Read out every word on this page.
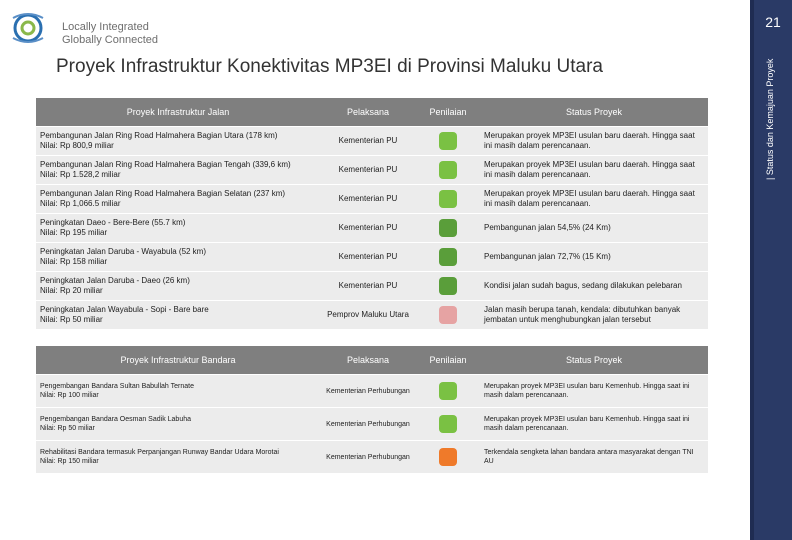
21
| Status dan Kemajuan Proyek
Locally Integrated
Globally Connected
Proyek Infrastruktur Konektivitas MP3EI di Provinsi Maluku Utara
Proyek Infrastruktur Jalan	Pelaksana	Penilaian	Status Proyek

Pembangunan Jalan Ring Road Halmahera Bagian Utara (178 km)
Nilai: Rp 800,9 miliar	Kementerian PU		Merupakan proyek MP3EI usulan baru daerah. Hingga saat ini masih dalam perencanaan.

Pembangunan Jalan Ring Road Halmahera Bagian Tengah (339,6 km)
Nilai: Rp 1.528,2 miliar	Kementerian PU		Merupakan proyek MP3EI usulan baru daerah. Hingga saat ini masih dalam perencanaan.

Pembangunan Jalan Ring Road Halmahera Bagian Selatan (237 km)
Nilai: Rp 1,066.5 miliar	Kementerian PU		Merupakan proyek MP3EI usulan baru daerah. Hingga saat ini masih dalam perencanaan.

Peningkatan Daeo - Bere-Bere (55.7 km)
Nilai: Rp 195 miliar	Kementerian PU		Pembangunan jalan 54,5% (24 Km)

Peningkatan Jalan Daruba - Wayabula (52 km)
Nilai: Rp 158 miliar	Kementerian PU		Pembangunan jalan 72,7% (15 Km)

Peningkatan Jalan Daruba - Daeo (26 km)
Nilai: Rp 20 miliar	Kementerian PU		Kondisi jalan sudah bagus, sedang dilakukan pelebaran

Peningkatan Jalan Wayabula - Sopi - Bare bare
Nilai: Rp 50 miliar	Pemprov Maluku Utara		Jalan masih berupa tanah, kendala: dibutuhkan banyak jembatan untuk menghubungkan jalan tersebut
Proyek Infrastruktur Bandara	Pelaksana	Penilaian	Status Proyek

Pengembangan Bandara Sultan Babullah Ternate
Nilai: Rp 100 miliar	Kementerian Perhubungan		Merupakan proyek MP3EI usulan baru Kemenhub. Hingga saat ini masih dalam perencanaan.

Pengembangan Bandara Oesman Sadik Labuha
Nilai: Rp 50 miliar	Kementerian Perhubungan		Merupakan proyek MP3EI usulan baru Kemenhub. Hingga saat ini masih dalam perencanaan.

Rehabilitasi Bandara termasuk Perpanjangan Runway Bandar Udara Morotai
Nilai: Rp 150 miliar	Kementerian Perhubungan		Terkendala sengketa lahan bandara antara masyarakat dengan TNI AU
